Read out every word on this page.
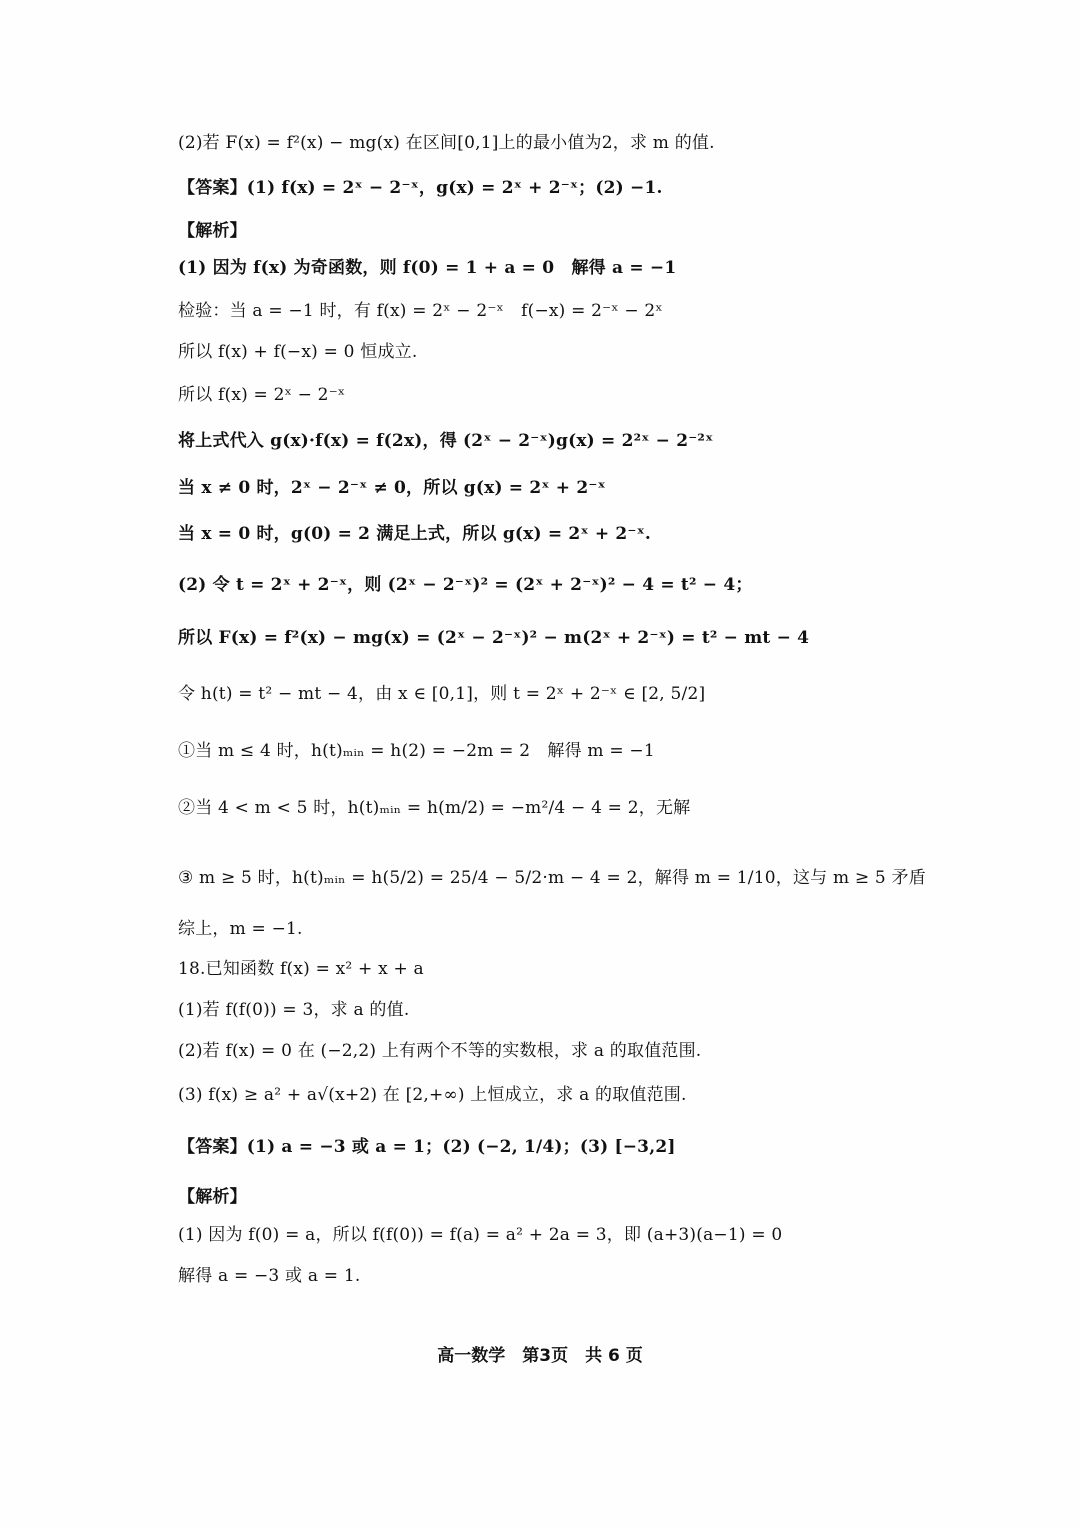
(2)若 F(x) = f²(x) − mg(x) 在区间[0,1]上的最小值为2，求 m 的值.
【答案】(1) f(x) = 2ˣ − 2⁻ˣ，g(x) = 2ˣ + 2⁻ˣ；(2) −1.
【解析】
(1) 因为 f(x) 为奇函数，则 f(0) = 1 + a = 0　解得 a = −1
检验：当 a = −1 时，有 f(x) = 2ˣ − 2⁻ˣ　f(−x) = 2⁻ˣ − 2ˣ
所以 f(x) + f(−x) = 0 恒成立.
所以 f(x) = 2ˣ − 2⁻ˣ
将上式代入 g(x)·f(x) = f(2x)，得 (2ˣ − 2⁻ˣ)g(x) = 2²ˣ − 2⁻²ˣ
当 x ≠ 0 时，2ˣ − 2⁻ˣ ≠ 0，所以 g(x) = 2ˣ + 2⁻ˣ
当 x = 0 时，g(0) = 2 满足上式，所以 g(x) = 2ˣ + 2⁻ˣ.
(2) 令 t = 2ˣ + 2⁻ˣ，则 (2ˣ − 2⁻ˣ)² = (2ˣ + 2⁻ˣ)² − 4 = t² − 4；
所以 F(x) = f²(x) − mg(x) = (2ˣ − 2⁻ˣ)² − m(2ˣ + 2⁻ˣ) = t² − mt − 4
令 h(t) = t² − mt − 4，由 x ∈ [0,1]，则 t = 2ˣ + 2⁻ˣ ∈ [2, 5/2]
①当 m ≤ 4 时，h(t)ₘᵢₙ = h(2) = −2m = 2　解得 m = −1
②当 4 < m < 5 时，h(t)ₘᵢₙ = h(m/2) = −m²/4 − 4 = 2，无解
③ m ≥ 5 时，h(t)ₘᵢₙ = h(5/2) = 25/4 − 5/2·m − 4 = 2，解得 m = 1/10，这与 m ≥ 5 矛盾
综上，m = −1.
18.已知函数 f(x) = x² + x + a
(1)若 f(f(0)) = 3，求 a 的值.
(2)若 f(x) = 0 在 (−2,2) 上有两个不等的实数根，求 a 的取值范围.
(3) f(x) ≥ a² + a√(x+2) 在 [2,+∞) 上恒成立，求 a 的取值范围.
【答案】(1) a = −3 或 a = 1；(2) (−2, 1/4)；(3) [−3,2]
【解析】
(1) 因为 f(0) = a，所以 f(f(0)) = f(a) = a² + 2a = 3，即 (a+3)(a−1) = 0
解得 a = −3 或 a = 1.
高一数学　第3页　共 6 页
